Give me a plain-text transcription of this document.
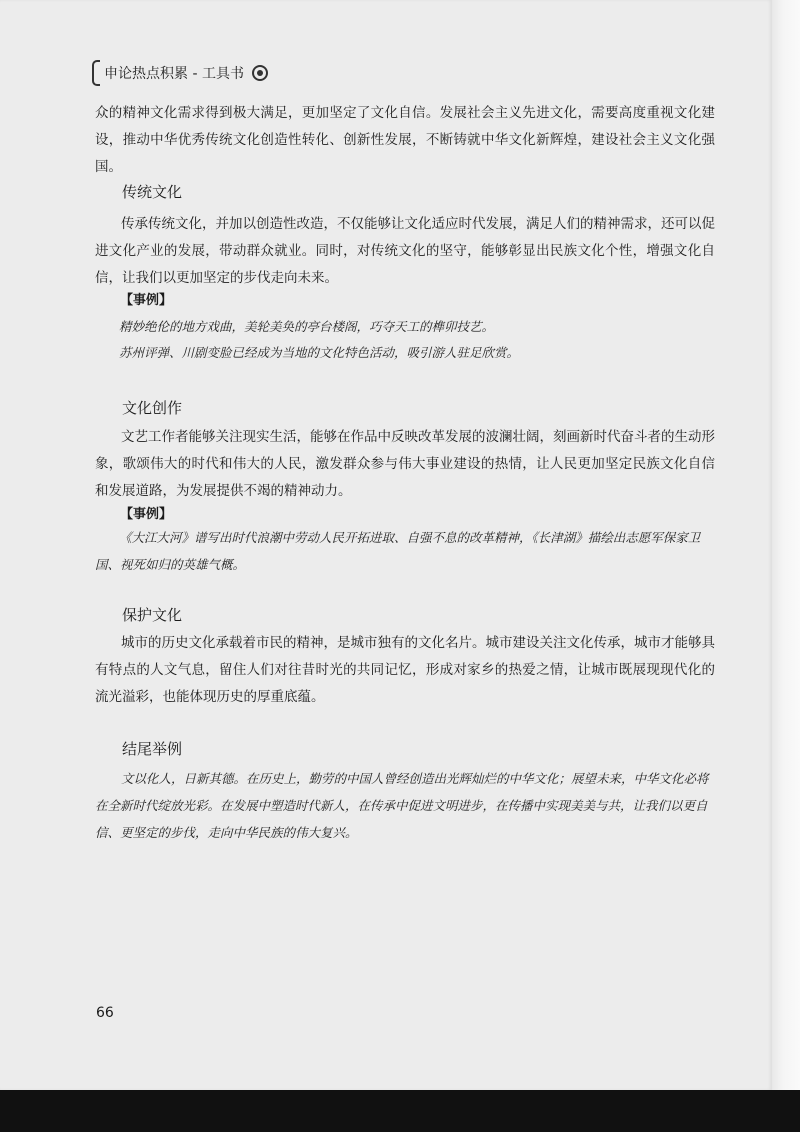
申论热点积累 - 工具书
众的精神文化需求得到极大满足，更加坚定了文化自信。发展社会主义先进文化，需要高度重视文化建设，推动中华优秀传统文化创造性转化、创新性发展，不断铸就中华文化新辉煌，建设社会主义文化强国。
传统文化
传承传统文化，并加以创造性改造，不仅能够让文化适应时代发展，满足人们的精神需求，还可以促进文化产业的发展，带动群众就业。同时，对传统文化的坚守，能够彰显出民族文化个性，增强文化自信，让我们以更加坚定的步伐走向未来。
【事例】
精妙绝伦的地方戏曲，美轮美奂的亭台楼阁，巧夺天工的榫卯技艺。
苏州评弹、川剧变脸已经成为当地的文化特色活动，吸引游人驻足欣赏。
文化创作
文艺工作者能够关注现实生活，能够在作品中反映改革发展的波澜壮阔，刻画新时代奋斗者的生动形象，歌颂伟大的时代和伟大的人民，激发群众参与伟大事业建设的热情，让人民更加坚定民族文化自信和发展道路，为发展提供不竭的精神动力。
【事例】
《大江大河》谱写出时代浪潮中劳动人民开拓进取、自强不息的改革精神，《长津湖》描绘出志愿军保家卫国、视死如归的英雄气概。
保护文化
城市的历史文化承载着市民的精神，是城市独有的文化名片。城市建设关注文化传承，城市才能够具有特点的人文气息，留住人们对往昔时光的共同记忆，形成对家乡的热爱之情，让城市既展现现代化的流光溢彩，也能体现历史的厚重底蕴。
结尾举例
文以化人，日新其德。在历史上，勤劳的中国人曾经创造出光辉灿烂的中华文化；展望未来，中华文化必将在全新时代绽放光彩。在发展中塑造时代新人，在传承中促进文明进步，在传播中实现美美与共，让我们以更自信、更坚定的步伐，走向中华民族的伟大复兴。
66
